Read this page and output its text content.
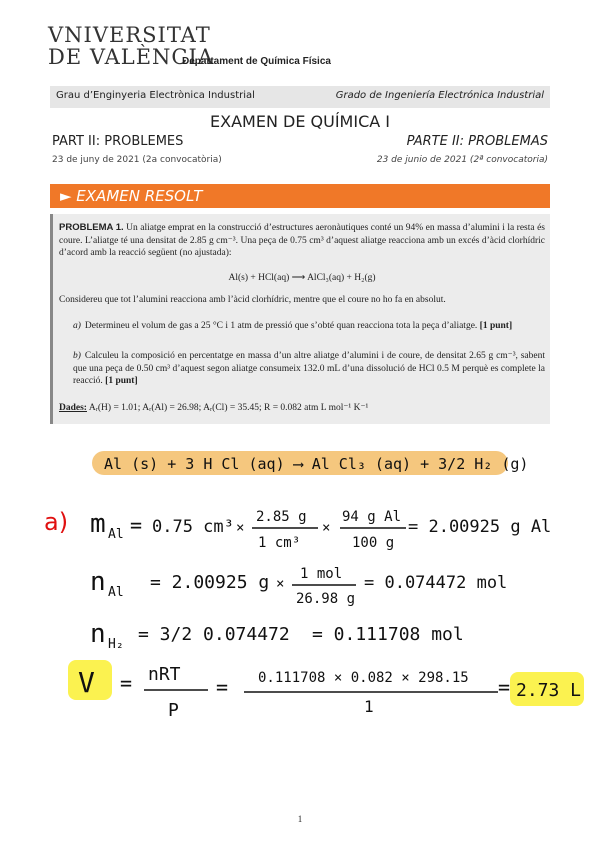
VNIVERSITAT
DE VALÈNCIA
Departament de Química Física
Grau d’Enginyeria Electrònica Industrial	Grado de Ingeniería Electrónica Industrial
EXAMEN DE QUÍMICA I
PART II: PROBLEMES	PARTE II: PROBLEMAS
23 de juny de 2021 (2a convocatòria)	23 de junio de 2021 (2ª convocatoria)
► EXAMEN RESOLT

PROBLEMA 1. Un aliatge emprat en la construcció d’estructures aeronàutiques conté un 94% en massa d’alumini i la resta és coure. L’aliatge té una densitat de 2.85 g cm⁻³. Una peça de 0.75 cm³ d’aquest aliatge reacciona amb un excés d’àcid clorhídric d’acord amb la reacció següent (no ajustada):

Al(s) + HCl(aq) ⟶ AlCl₃(aq) + H₂(g)

Considereu que tot l’alumini reacciona amb l’àcid clorhídric, mentre que el coure no ho fa en absolut.

a) Determineu el volum de gas a 25 °C i 1 atm de pressió que s’obté quan reacciona tota la peça d’aliatge. [1 punt]

b) Calculeu la composició en percentatge en massa d’un altre aliatge d’alumini i de coure, de densitat 2.65 g cm⁻³, sabent que una peça de 0.50 cm³ d’aquest segon aliatge consumeix 132.0 mL d’una dissolució de HCl 0.5 M perquè es complete la reacció. [1 punt]

Dades: Aᵣ(H) = 1.01; Aᵣ(Al) = 26.98; Aᵣ(Cl) = 35.45; R = 0.082 atm L mol⁻¹ K⁻¹

Al (s) + 3 H Cl (aq) ⟶ Al Cl₃ (aq) + 3/2 H₂ (g)
a) m Al = 0.75 cm³ ×
2.85 g
1 cm³
×
94 g Al
100 g
= 2.00925 g Al
n Al = 2.00925 g ×
1 mol
26.98 g
= 0.074472 mol
n H₂ = 3/2 0.074472 = 0.111708 mol
V = nRT
P
= 0.111708 × 0.082 × 298.15
1
= 2.73 L
1
